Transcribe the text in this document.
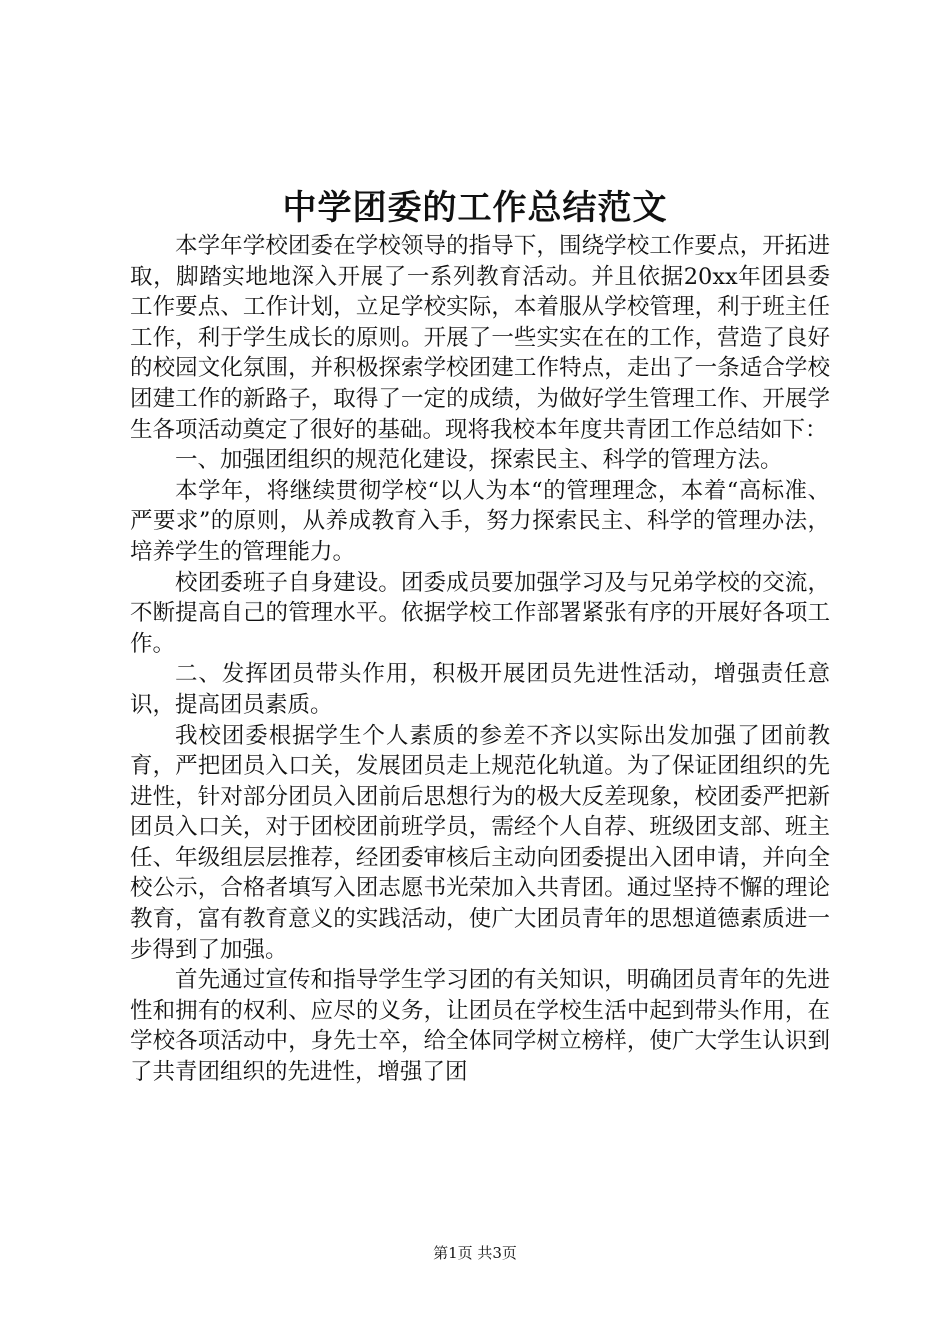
中学团委的工作总结范文

本学年学校团委在学校领导的指导下，围绕学校工作要点，开拓进取，脚踏实地地深入开展了一系列教育活动。并且依据20xx年团县委工作要点、工作计划，立足学校实际，本着服从学校管理，利于班主任工作，利于学生成长的原则。开展了一些实实在在的工作，营造了良好的校园文化氛围，并积极探索学校团建工作特点，走出了一条适合学校团建工作的新路子，取得了一定的成绩，为做好学生管理工作、开展学生各项活动奠定了很好的基础。现将我校本年度共青团工作总结如下：

一、加强团组织的规范化建设，探索民主、科学的管理方法。

本学年，将继续贯彻学校“以人为本“的管理理念，本着“高标准、严要求”的原则，从养成教育入手，努力探索民主、科学的管理办法，培养学生的管理能力。

校团委班子自身建设。团委成员要加强学习及与兄弟学校的交流，不断提高自己的管理水平。依据学校工作部署紧张有序的开展好各项工作。

二、发挥团员带头作用，积极开展团员先进性活动，增强责任意识，提高团员素质。

我校团委根据学生个人素质的参差不齐以实际出发加强了团前教育，严把团员入口关，发展团员走上规范化轨道。为了保证团组织的先进性，针对部分团员入团前后思想行为的极大反差现象，校团委严把新团员入口关，对于团校团前班学员，需经个人自荐、班级团支部、班主任、年级组层层推荐，经团委审核后主动向团委提出入团申请，并向全校公示，合格者填写入团志愿书光荣加入共青团。通过坚持不懈的理论教育，富有教育意义的实践活动，使广大团员青年的思想道德素质进一步得到了加强。

首先通过宣传和指导学生学习团的有关知识，明确团员青年的先进性和拥有的权利、应尽的义务，让团员在学校生活中起到带头作用，在学校各项活动中，身先士卒，给全体同学树立榜样，使广大学生认识到了共青团组织的先进性，增强了团

第1页 共3页
